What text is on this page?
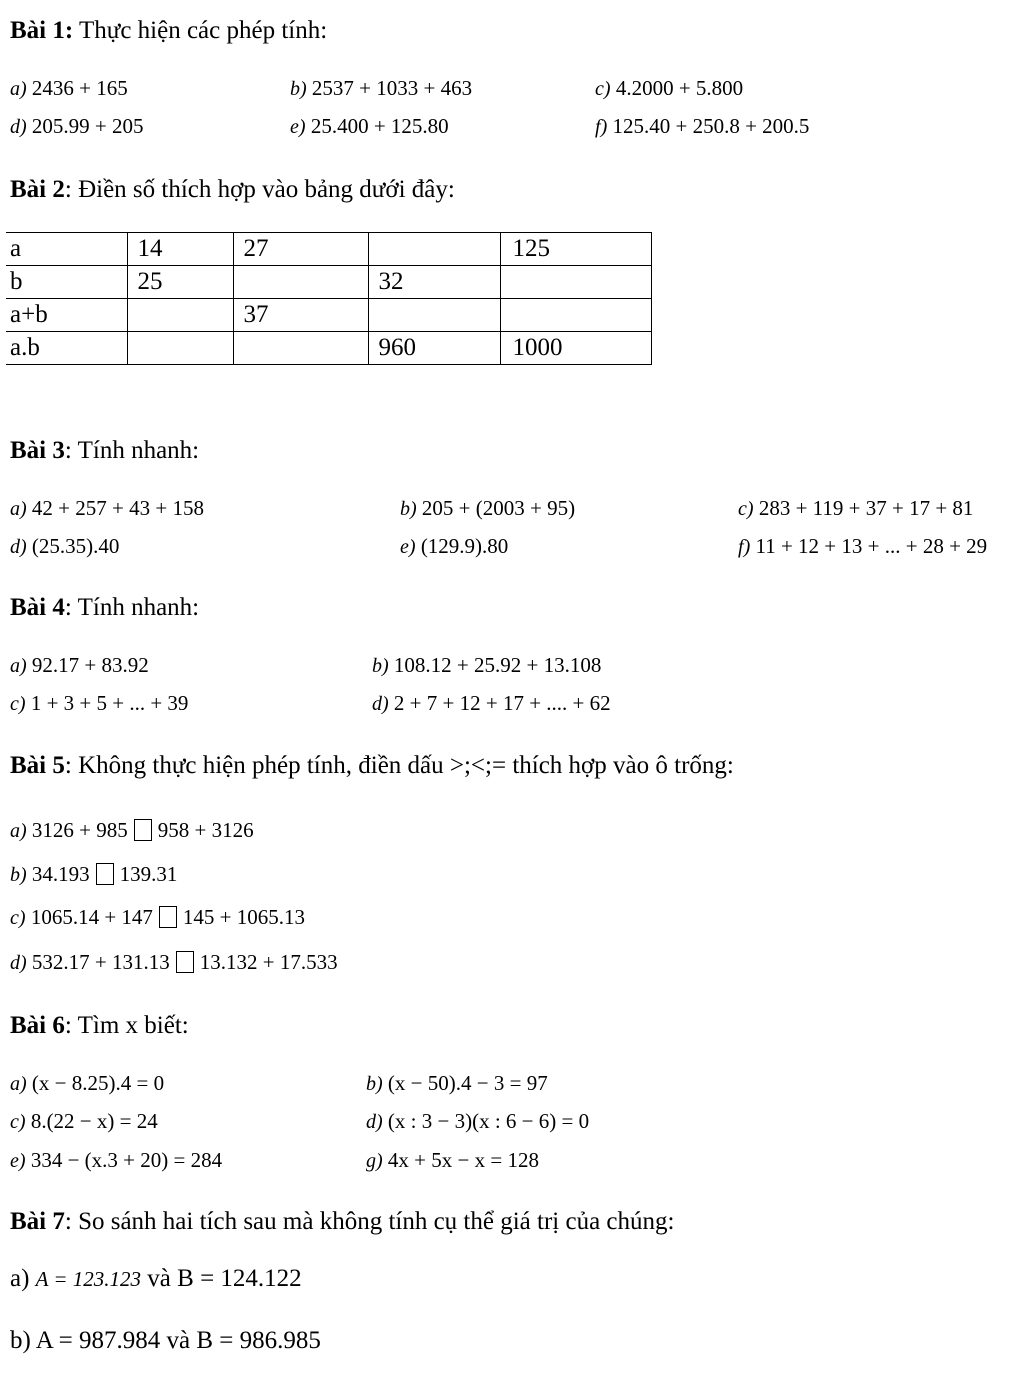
Bài 1: Thực hiện các phép tính:
a) 2436 + 165	b) 2537 + 1033 + 463	c) 4.2000 + 5.800
d) 205.99 + 205	e) 25.400 + 125.80	f) 125.40 + 250.8 + 200.5
Bài 2: Điền số thích hợp vào bảng dưới đây:
a	14	27		125
b	25		32	
a+b		37		
a.b			960	1000
Bài 3: Tính nhanh:
a) 42 + 257 + 43 + 158	b) 205 + (2003 + 95)	c) 283 + 119 + 37 + 17 + 81
d) (25.35).40	e) (129.9).80	f) 11 + 12 + 13 + ... + 28 + 29
Bài 4: Tính nhanh:
a) 92.17 + 83.92	b) 108.12 + 25.92 + 13.108
c) 1 + 3 + 5 + ... + 39	d) 2 + 7 + 12 + 17 + .... + 62
Bài 5: Không thực hiện phép tính, điền dấu >;<;= thích hợp vào ô trống:
a) 3126 + 985 958 + 3126
b) 34.193 139.31
c) 1065.14 + 147 145 + 1065.13
d) 532.17 + 131.13 13.132 + 17.533
Bài 6: Tìm x biết:
a) (x − 8.25).4 = 0	b) (x − 50).4 − 3 = 97
c) 8.(22 − x) = 24	d) (x : 3 − 3)(x : 6 − 6) = 0
e) 334 − (x.3 + 20) = 284	g) 4x + 5x − x = 128
Bài 7: So sánh hai tích sau mà không tính cụ thể giá trị của chúng:
a) A = 123.123 và B = 124.122
b) A = 987.984 và B = 986.985
